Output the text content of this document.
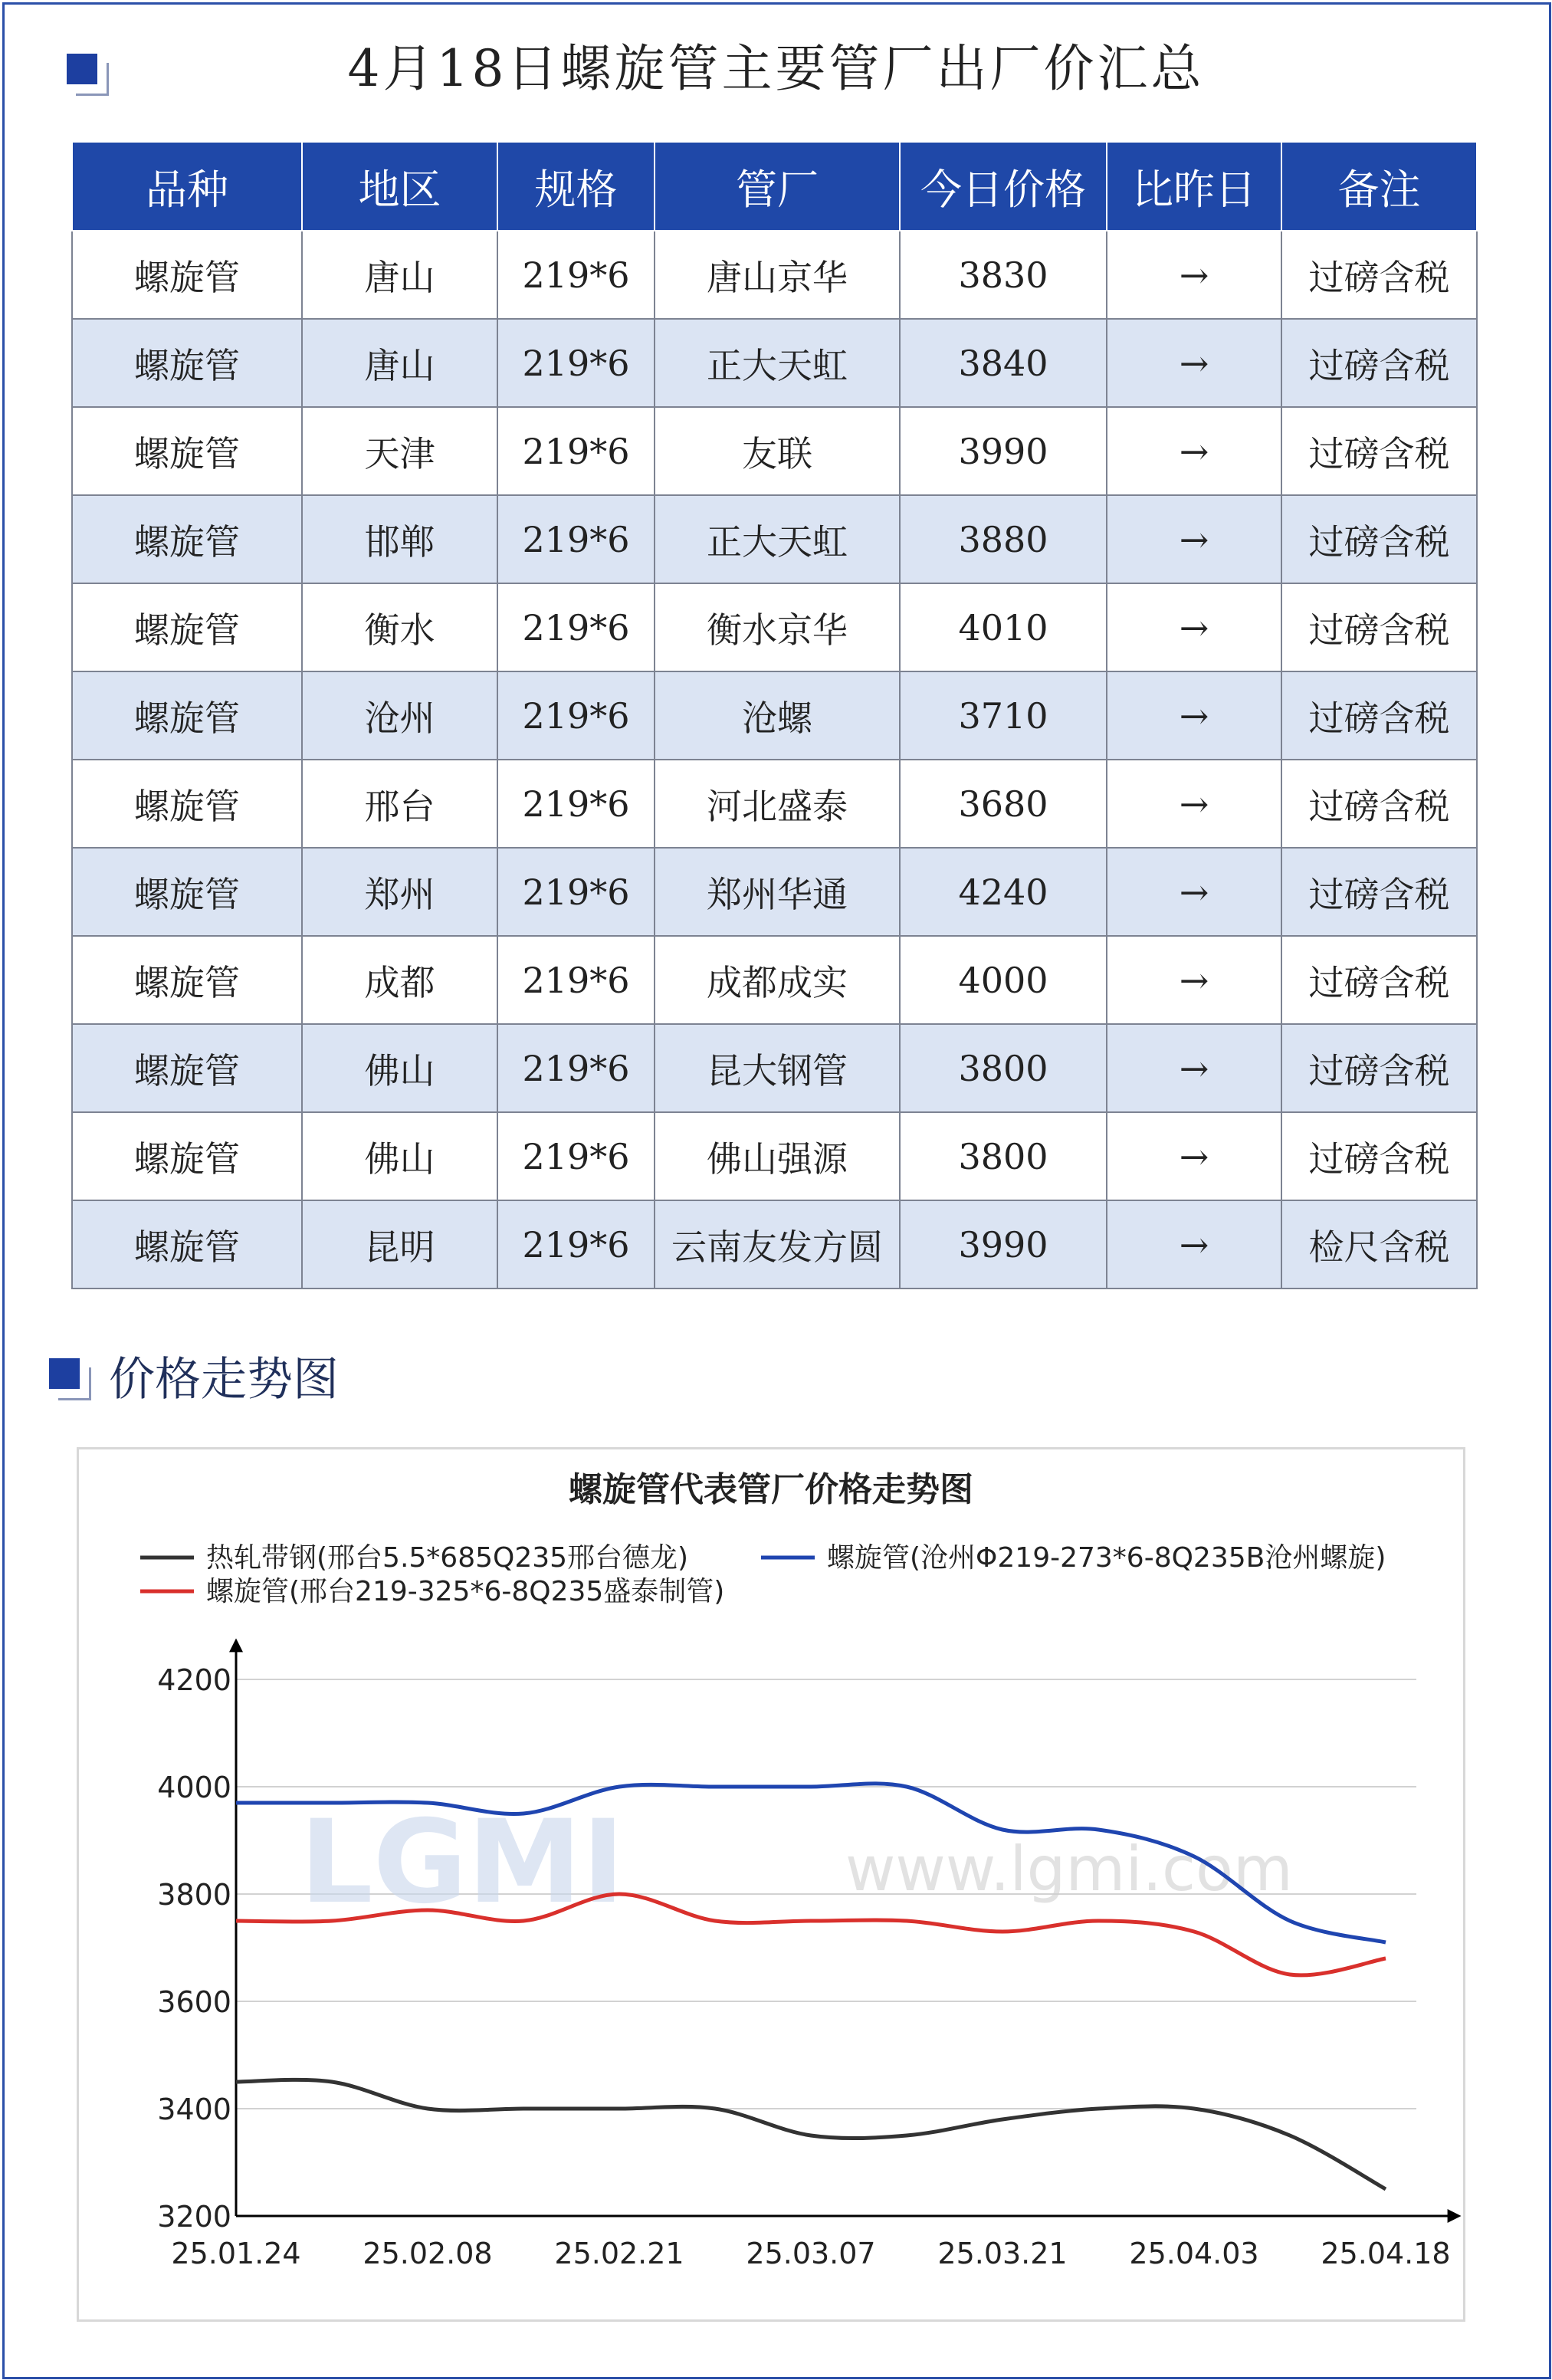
4月18日螺旋管主要管厂出厂价汇总
品种	地区	规格	管厂	今日价格	比昨日	备注
螺旋管	唐山	219*6	唐山京华	3830	→	过磅含税
螺旋管	唐山	219*6	正大天虹	3840	→	过磅含税
螺旋管	天津	219*6	友联	3990	→	过磅含税
螺旋管	邯郸	219*6	正大天虹	3880	→	过磅含税
螺旋管	衡水	219*6	衡水京华	4010	→	过磅含税
螺旋管	沧州	219*6	沧螺	3710	→	过磅含税
螺旋管	邢台	219*6	河北盛泰	3680	→	过磅含税
螺旋管	郑州	219*6	郑州华通	4240	→	过磅含税
螺旋管	成都	219*6	成都成实	4000	→	过磅含税
螺旋管	佛山	219*6	昆大钢管	3800	→	过磅含税
螺旋管	佛山	219*6	佛山强源	3800	→	过磅含税
螺旋管	昆明	219*6	云南友发方圆	3990	→	检尺含税
价格走势图
LGMI	www.lgmi.com
3200
3400
3600
3800
4000
4200
25.01.24 25.02.08 25.02.21 25.03.07 25.03.21 25.04.03 25.04.18
螺旋管代表管厂价格走势图
热轧带钢(邢台5.5*685Q235邢台德龙)	螺旋管(沧州Φ219-273*6-8Q235B沧州螺旋)
螺旋管(邢台219-325*6-8Q235盛泰制管)
